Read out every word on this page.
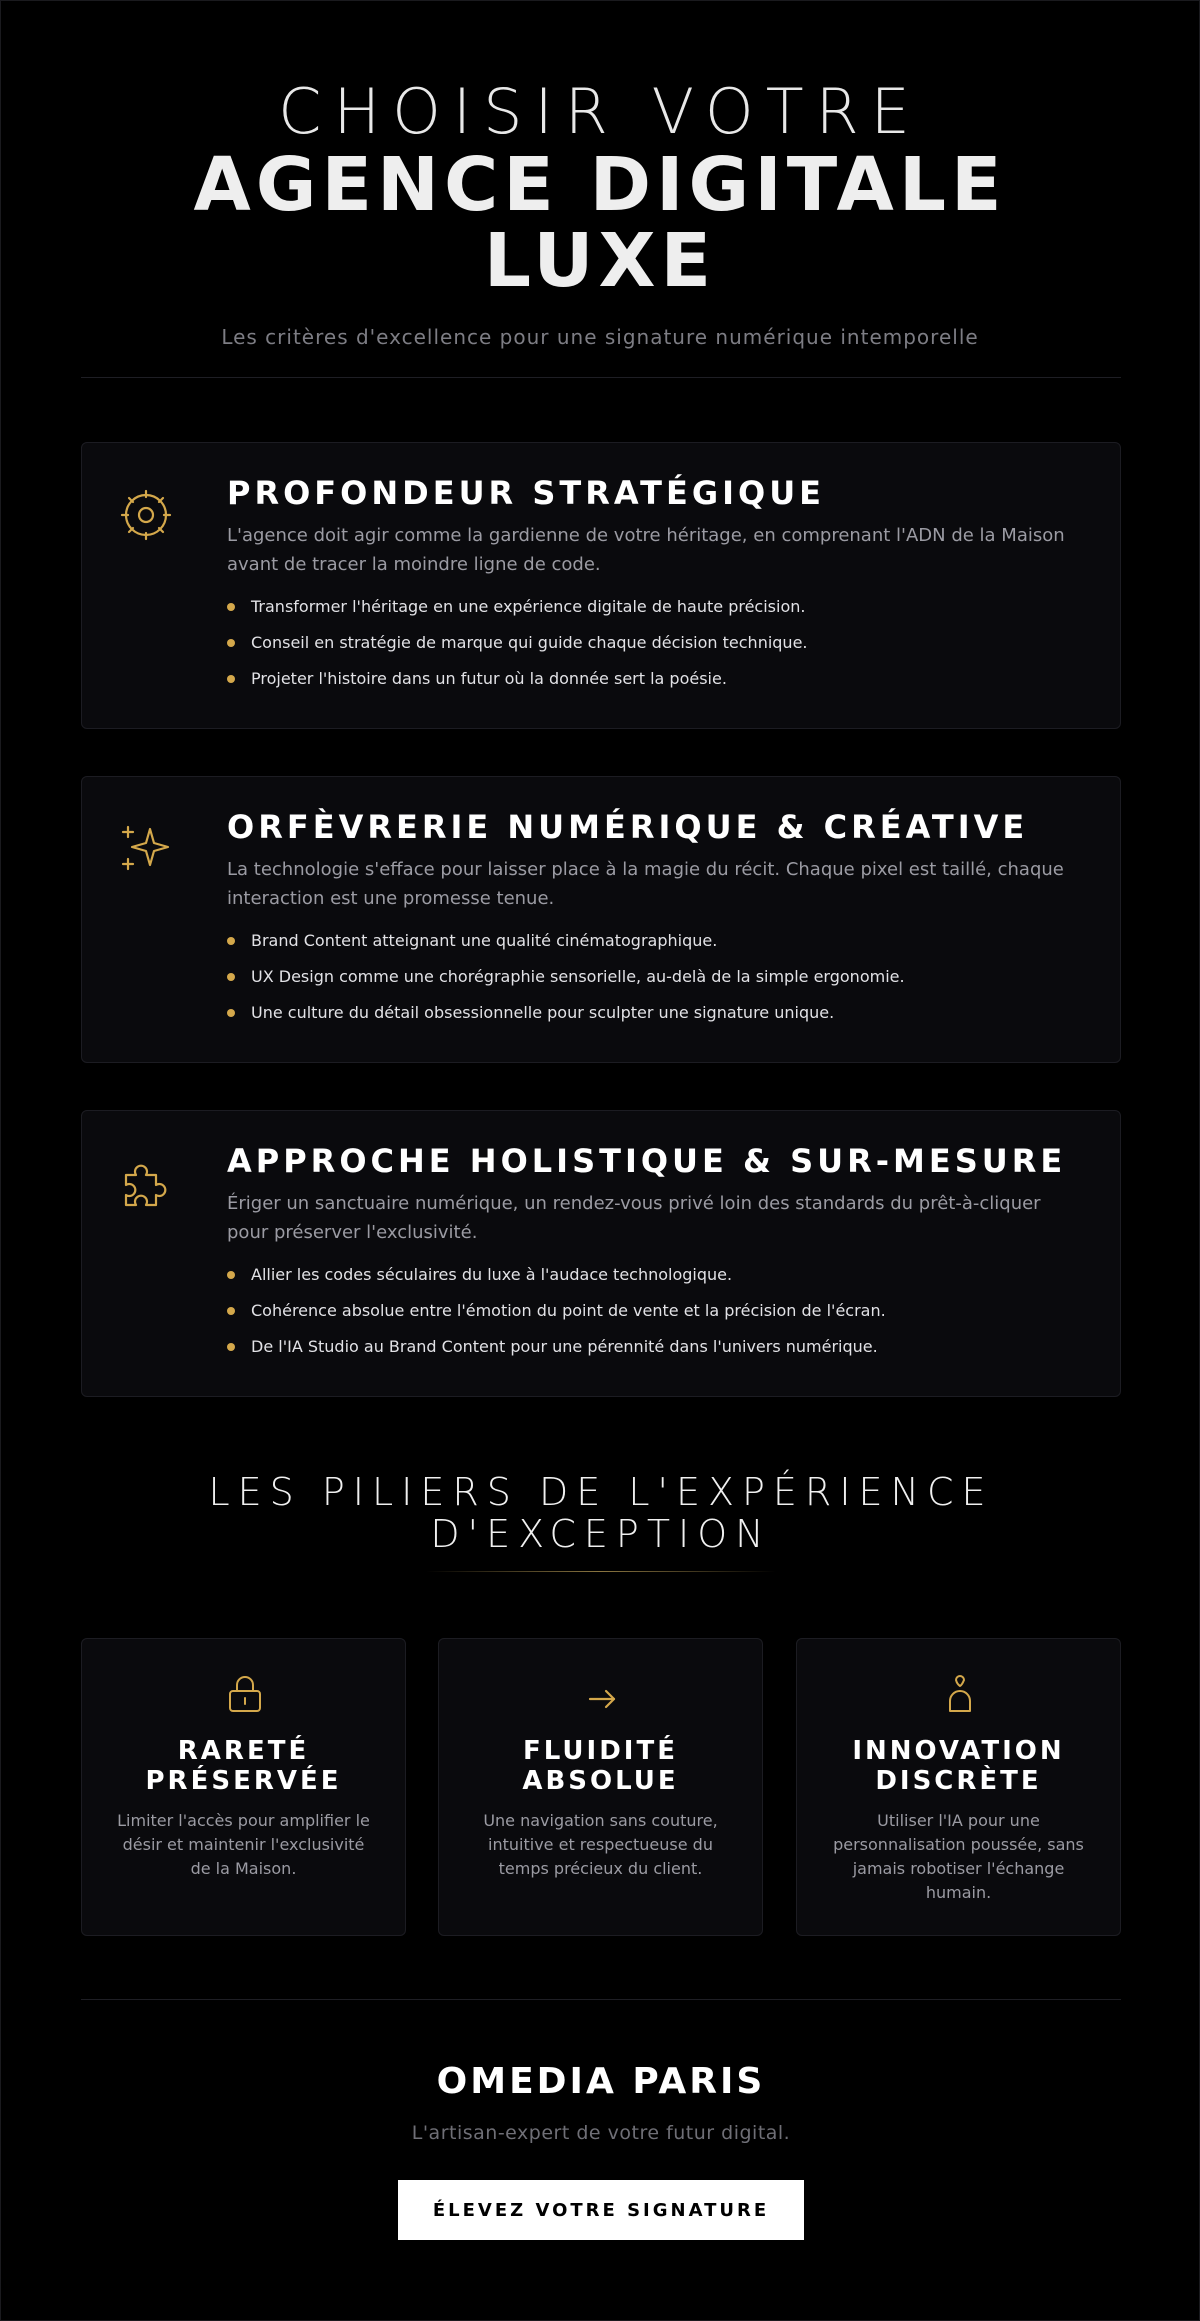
CHOISIR VOTRE
AGENCE DIGITALE
LUXE

Les critères d'excellence pour une signature numérique intemporelle

PROFONDEUR STRATÉGIQUE

L'agence doit agir comme la gardienne de votre héritage, en comprenant l'ADN de la Maison avant de tracer la moindre ligne de code.

Transformer l'héritage en une expérience digitale de haute précision.
Conseil en stratégie de marque qui guide chaque décision technique.
Projeter l'histoire dans un futur où la donnée sert la poésie.
ORFÈVRERIE NUMÉRIQUE & CRÉATIVE

La technologie s'efface pour laisser place à la magie du récit. Chaque pixel est taillé, chaque interaction est une promesse tenue.

Brand Content atteignant une qualité cinématographique.
UX Design comme une chorégraphie sensorielle, au-delà de la simple ergonomie.
Une culture du détail obsessionnelle pour sculpter une signature unique.
APPROCHE HOLISTIQUE & SUR-MESURE

Ériger un sanctuaire numérique, un rendez-vous privé loin des standards du prêt-à-cliquer pour préserver l'exclusivité.

Allier les codes séculaires du luxe à l'audace technologique.
Cohérence absolue entre l'émotion du point de vente et la précision de l'écran.
De l'IA Studio au Brand Content pour une pérennité dans l'univers numérique.
LES PILIERS DE L'EXPÉRIENCE
D'EXCEPTION
RARETÉ
PRÉSERVÉE

Limiter l'accès pour amplifier le désir et maintenir l'exclusivité de la Maison.

FLUIDITÉ
ABSOLUE

Une navigation sans couture, intuitive et respectueuse du temps précieux du client.

INNOVATION
DISCRÈTE

Utiliser l'IA pour une personnalisation poussée, sans jamais robotiser l'échange humain.

OMEDIA PARIS

L'artisan-expert de votre futur digital.

ÉLEVEZ VOTRE SIGNATURE
